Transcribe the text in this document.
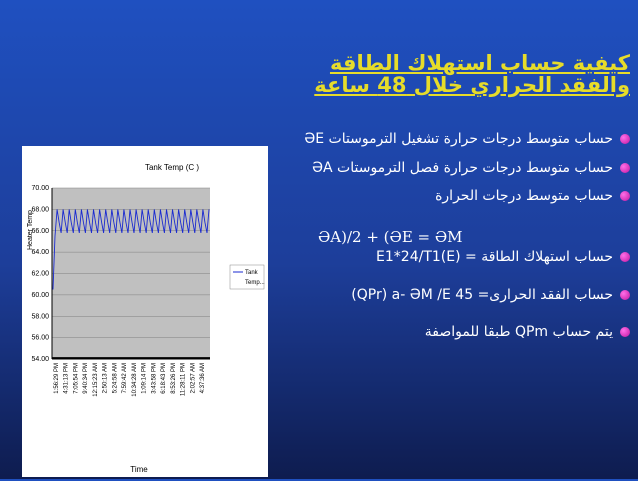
كيفية حساب استهلاك الطاقة والفقد الحراري خلال 48 ساعة
حساب متوسط درجات حرارة تشغيل الترموستات ƏE
حساب متوسط درجات حرارة فصل الترموستات ƏA
حساب متوسط درجات الحرارة
حساب استهلاك الطاقة = (E1*24/T1(E
حساب الفقد الحرارى= 45 QPr) a- ƏM /E)
يتم حساب QPm طبقا للمواصفة
ƏA)/2 + (ƏE = ƏM
Tank Temp (C )
Heater Temp
Time
70.00
68.00
66.00
64.00
62.00
60.00
58.00
56.00
54.00
1:56:29 PM 4:31:13 PM 7:05:54 PM 9:40:34 PM 12:15:23 AM 2:50:13 AM 5:24:58 AM 7:59:42 AM 10:34:28 AM 1:09:14 PM 3:43:58 PM 6:18:43 PM 8:53:26 PM 11:28:11 PM 2:02:57 AM 4:37:36 AM
Tank
Temp...
